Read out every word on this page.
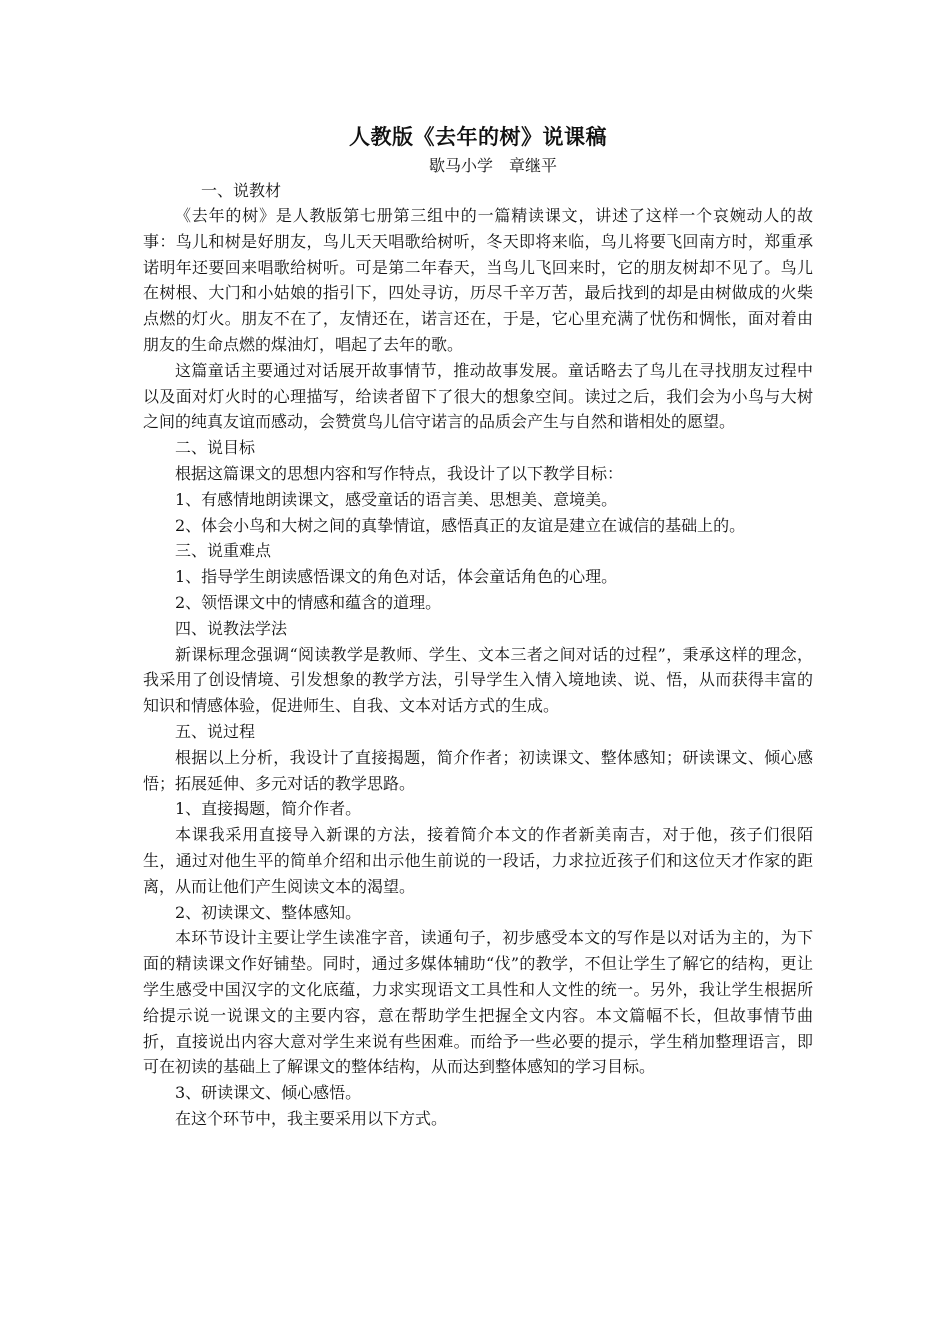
人教版《去年的树》说课稿
歇马小学　章继平

一、说教材

《去年的树》是人教版第七册第三组中的一篇精读课文，讲述了这样一个哀婉动人的故事：鸟儿和树是好朋友，鸟儿天天唱歌给树听，冬天即将来临，鸟儿将要飞回南方时，郑重承诺明年还要回来唱歌给树听。可是第二年春天，当鸟儿飞回来时，它的朋友树却不见了。鸟儿在树根、大门和小姑娘的指引下，四处寻访，历尽千辛万苦，最后找到的却是由树做成的火柴点燃的灯火。朋友不在了，友情还在，诺言还在，于是，它心里充满了忧伤和惆怅，面对着由朋友的生命点燃的煤油灯，唱起了去年的歌。

这篇童话主要通过对话展开故事情节，推动故事发展。童话略去了鸟儿在寻找朋友过程中以及面对灯火时的心理描写，给读者留下了很大的想象空间。读过之后，我们会为小鸟与大树之间的纯真友谊而感动，会赞赏鸟儿信守诺言的品质会产生与自然和谐相处的愿望。

二、说目标

根据这篇课文的思想内容和写作特点，我设计了以下教学目标：

1、有感情地朗读课文，感受童话的语言美、思想美、意境美。

2、体会小鸟和大树之间的真挚情谊，感悟真正的友谊是建立在诚信的基础上的。

三、说重难点

1、指导学生朗读感悟课文的角色对话，体会童话角色的心理。

2、领悟课文中的情感和蕴含的道理。

四、说教法学法

新课标理念强调“阅读教学是教师、学生、文本三者之间对话的过程”，秉承这样的理念，我采用了创设情境、引发想象的教学方法，引导学生入情入境地读、说、悟，从而获得丰富的知识和情感体验，促进师生、自我、文本对话方式的生成。

五、说过程

根据以上分析，我设计了直接揭题，简介作者；初读课文、整体感知；研读课文、倾心感悟；拓展延伸、多元对话的教学思路。

1、直接揭题，简介作者。

本课我采用直接导入新课的方法，接着简介本文的作者新美南吉，对于他，孩子们很陌生，通过对他生平的简单介绍和出示他生前说的一段话，力求拉近孩子们和这位天才作家的距离，从而让他们产生阅读文本的渴望。

2、初读课文、整体感知。

本环节设计主要让学生读准字音，读通句子，初步感受本文的写作是以对话为主的，为下面的精读课文作好铺垫。同时，通过多媒体辅助“伐”的教学，不但让学生了解它的结构，更让学生感受中国汉字的文化底蕴，力求实现语文工具性和人文性的统一。另外，我让学生根据所给提示说一说课文的主要内容，意在帮助学生把握全文内容。本文篇幅不长，但故事情节曲折，直接说出内容大意对学生来说有些困难。而给予一些必要的提示，学生稍加整理语言，即可在初读的基础上了解课文的整体结构，从而达到整体感知的学习目标。

3、研读课文、倾心感悟。

在这个环节中，我主要采用以下方式。
